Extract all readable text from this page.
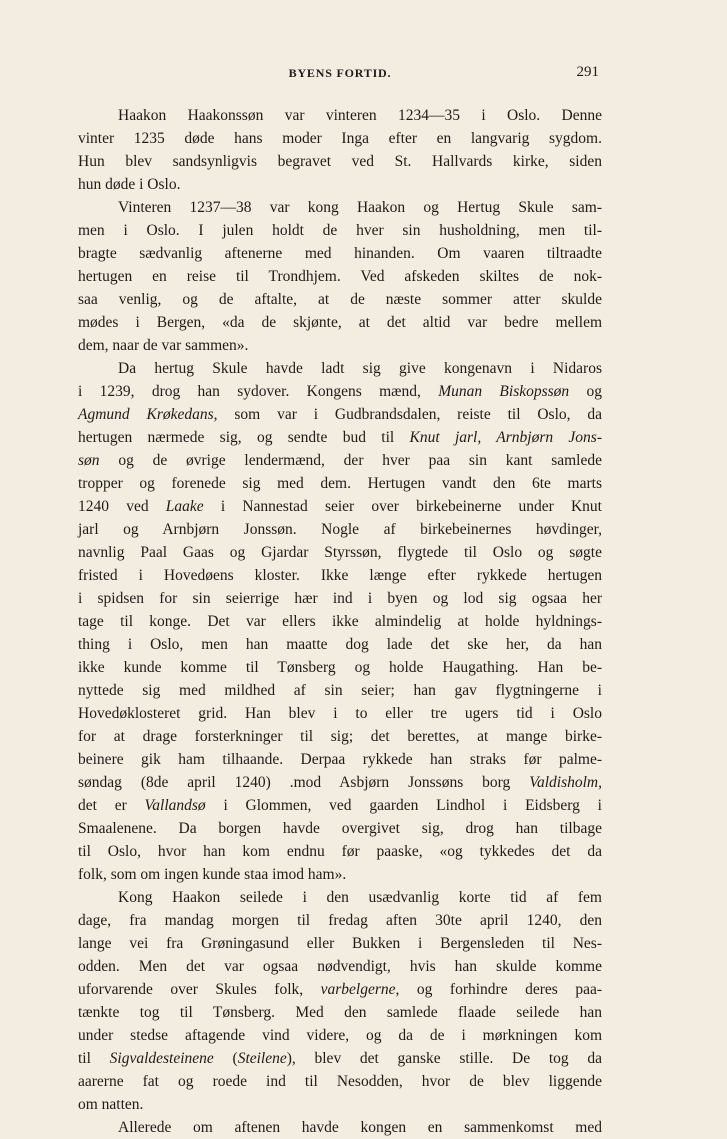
BYENS FORTID.	291
Haakon Haakonssøn var vinteren 1234—35 i Oslo. Denne
vinter 1235 døde hans moder Inga efter en langvarig sygdom.
Hun blev sandsynligvis begravet ved St. Hallvards kirke, siden
hun døde i Oslo.
Vinteren 1237—38 var kong Haakon og Hertug Skule sam-
men i Oslo. I julen holdt de hver sin husholdning, men til-
bragte sædvanlig aftenerne med hinanden. Om vaaren tiltraadte
hertugen en reise til Trondhjem. Ved afskeden skiltes de nok-
saa venlig, og de aftalte, at de næste sommer atter skulde
mødes i Bergen, «da de skjønte, at det altid var bedre mellem
dem, naar de var sammen».
Da hertug Skule havde ladt sig give kongenavn i Nidaros
i 1239, drog han sydover. Kongens mænd, Munan Biskopssøn og
Agmund Krøkedans, som var i Gudbrandsdalen, reiste til Oslo, da
hertugen nærmede sig, og sendte bud til Knut jarl, Arnbjørn Jons-
søn og de øvrige lendermænd, der hver paa sin kant samlede
tropper og forenede sig med dem. Hertugen vandt den 6te marts
1240 ved Laake i Nannestad seier over birkebeinerne under Knut
jarl og Arnbjørn Jonssøn. Nogle af birkebeinernes høvdinger,
navnlig Paal Gaas og Gjardar Styrssøn, flygtede til Oslo og søgte
fristed i Hovedøens kloster. Ikke længe efter rykkede hertugen
i spidsen for sin seierrige hær ind i byen og lod sig ogsaa her
tage til konge. Det var ellers ikke almindelig at holde hyldnings-
thing i Oslo, men han maatte dog lade det ske her, da han
ikke kunde komme til Tønsberg og holde Haugathing. Han be-
nyttede sig med mildhed af sin seier; han gav flygtningerne i
Hovedøklosteret grid. Han blev i to eller tre ugers tid i Oslo
for at drage forsterkninger til sig; det berettes, at mange birke-
beinere gik ham tilhaande. Derpaa rykkede han straks før palme-
søndag (8de april 1240) .mod Asbjørn Jonssøns borg Valdisholm,
det er Vallandsø i Glommen, ved gaarden Lindhol i Eidsberg i
Smaalenene. Da borgen havde overgivet sig, drog han tilbage
til Oslo, hvor han kom endnu før paaske, «og tykkedes det da
folk, som om ingen kunde staa imod ham».
Kong Haakon seilede i den usædvanlig korte tid af fem
dage, fra mandag morgen til fredag aften 30te april 1240, den
lange vei fra Grøningasund eller Bukken i Bergensleden til Nes-
odden. Men det var ogsaa nødvendigt, hvis han skulde komme
uforvarende over Skules folk, varbelgerne, og forhindre deres paa-
tænkte tog til Tønsberg. Med den samlede flaade seilede han
under stedse aftagende vind videre, og da de i mørkningen kom
til Sigvaldesteinene (Steilene), blev det ganske stille. De tog da
aarerne fat og roede ind til Nesodden, hvor de blev liggende
om natten.
Allerede om aftenen havde kongen en sammenkomst med
